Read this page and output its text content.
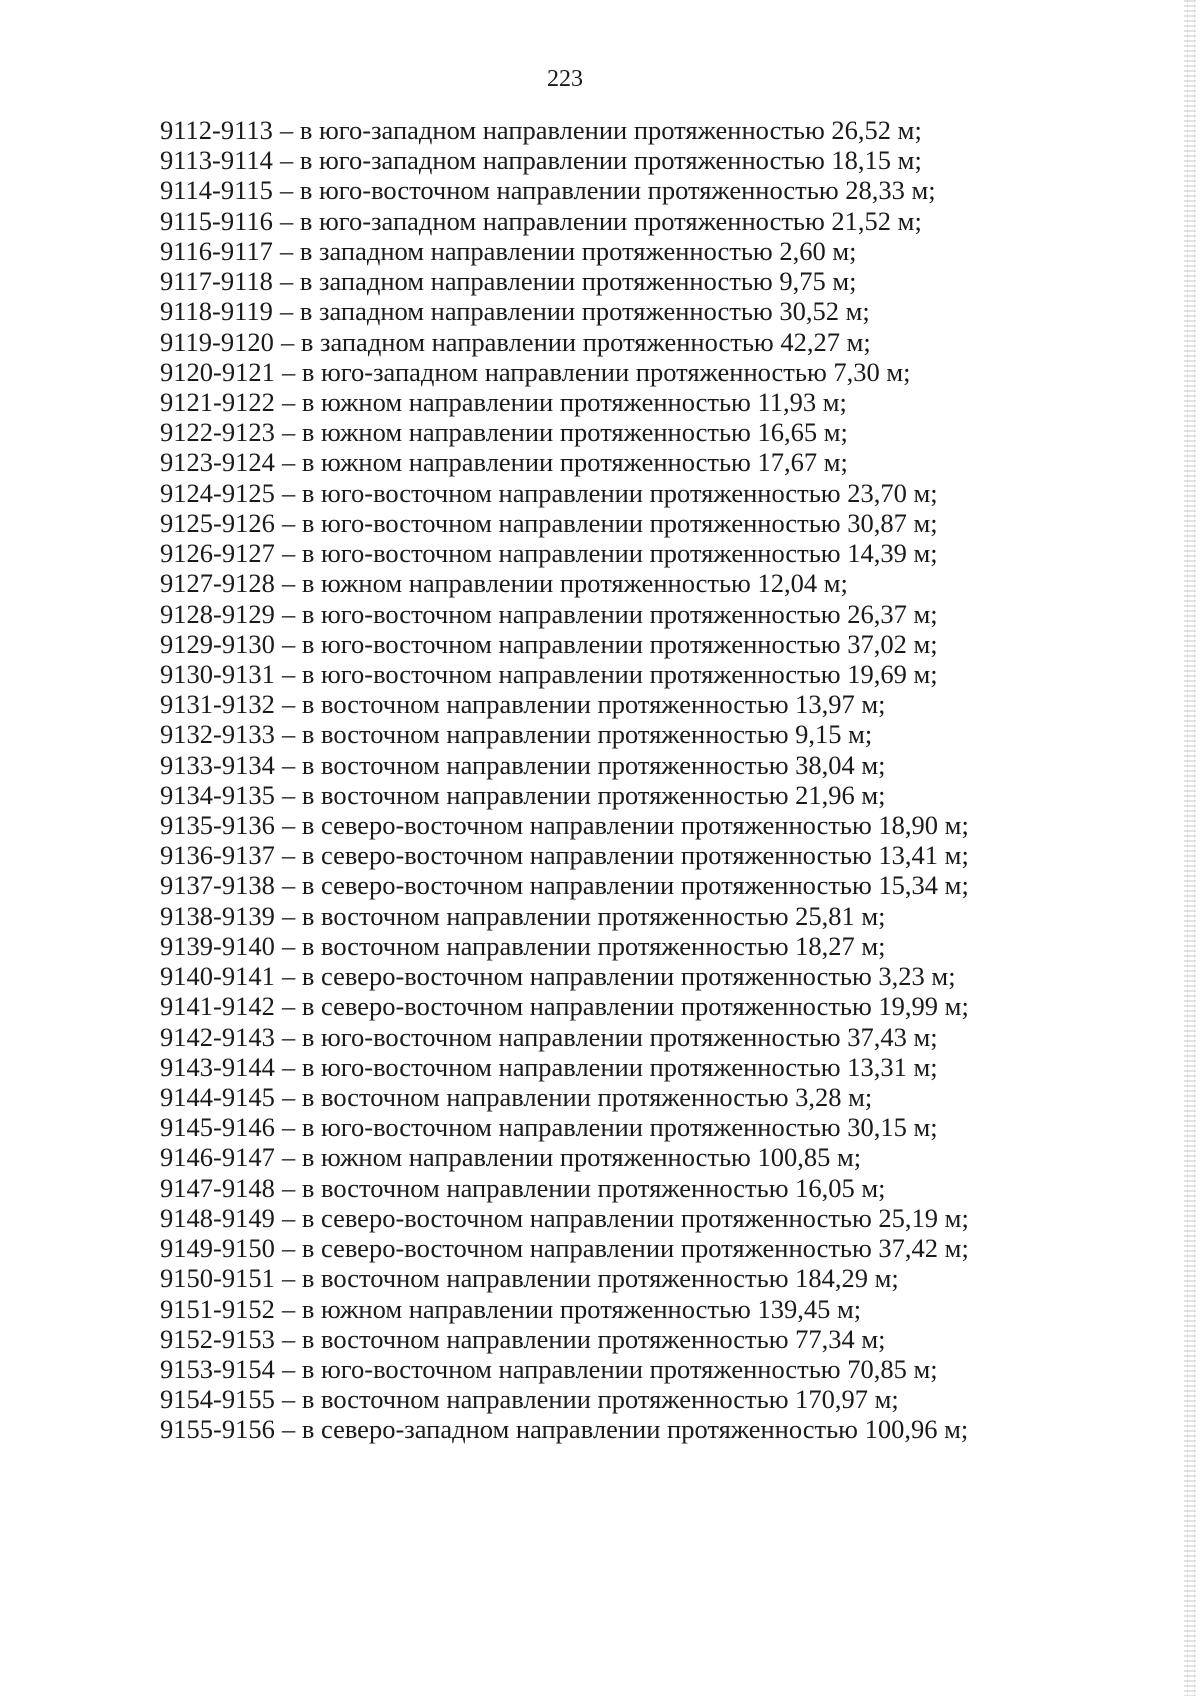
223
9112-9113 – в юго-западном направлении протяженностью 26,52 м;
9113-9114 – в юго-западном направлении протяженностью 18,15 м;
9114-9115 – в юго-восточном направлении протяженностью 28,33 м;
9115-9116 – в юго-западном направлении протяженностью 21,52 м;
9116-9117 – в западном направлении протяженностью 2,60 м;
9117-9118 – в западном направлении протяженностью 9,75 м;
9118-9119 – в западном направлении протяженностью 30,52 м;
9119-9120 – в западном направлении протяженностью 42,27 м;
9120-9121 – в юго-западном направлении протяженностью 7,30 м;
9121-9122 – в южном направлении протяженностью 11,93 м;
9122-9123 – в южном направлении протяженностью 16,65 м;
9123-9124 – в южном направлении протяженностью 17,67 м;
9124-9125 – в юго-восточном направлении протяженностью 23,70 м;
9125-9126 – в юго-восточном направлении протяженностью 30,87 м;
9126-9127 – в юго-восточном направлении протяженностью 14,39 м;
9127-9128 – в южном направлении протяженностью 12,04 м;
9128-9129 – в юго-восточном направлении протяженностью 26,37 м;
9129-9130 – в юго-восточном направлении протяженностью 37,02 м;
9130-9131 – в юго-восточном направлении протяженностью 19,69 м;
9131-9132 – в восточном направлении протяженностью 13,97 м;
9132-9133 – в восточном направлении протяженностью 9,15 м;
9133-9134 – в восточном направлении протяженностью 38,04 м;
9134-9135 – в восточном направлении протяженностью 21,96 м;
9135-9136 – в северо-восточном направлении протяженностью 18,90 м;
9136-9137 – в северо-восточном направлении протяженностью 13,41 м;
9137-9138 – в северо-восточном направлении протяженностью 15,34 м;
9138-9139 – в восточном направлении протяженностью 25,81 м;
9139-9140 – в восточном направлении протяженностью 18,27 м;
9140-9141 – в северо-восточном направлении протяженностью 3,23 м;
9141-9142 – в северо-восточном направлении протяженностью 19,99 м;
9142-9143 – в юго-восточном направлении протяженностью 37,43 м;
9143-9144 – в юго-восточном направлении протяженностью 13,31 м;
9144-9145 – в восточном направлении протяженностью 3,28 м;
9145-9146 – в юго-восточном направлении протяженностью 30,15 м;
9146-9147 – в южном направлении протяженностью 100,85 м;
9147-9148 – в восточном направлении протяженностью 16,05 м;
9148-9149 – в северо-восточном направлении протяженностью 25,19 м;
9149-9150 – в северо-восточном направлении протяженностью 37,42 м;
9150-9151 – в восточном направлении протяженностью 184,29 м;
9151-9152 – в южном направлении протяженностью 139,45 м;
9152-9153 – в восточном направлении протяженностью 77,34 м;
9153-9154 – в юго-восточном направлении протяженностью 70,85 м;
9154-9155 – в восточном направлении протяженностью 170,97 м;
9155-9156 – в северо-западном направлении протяженностью 100,96 м;
